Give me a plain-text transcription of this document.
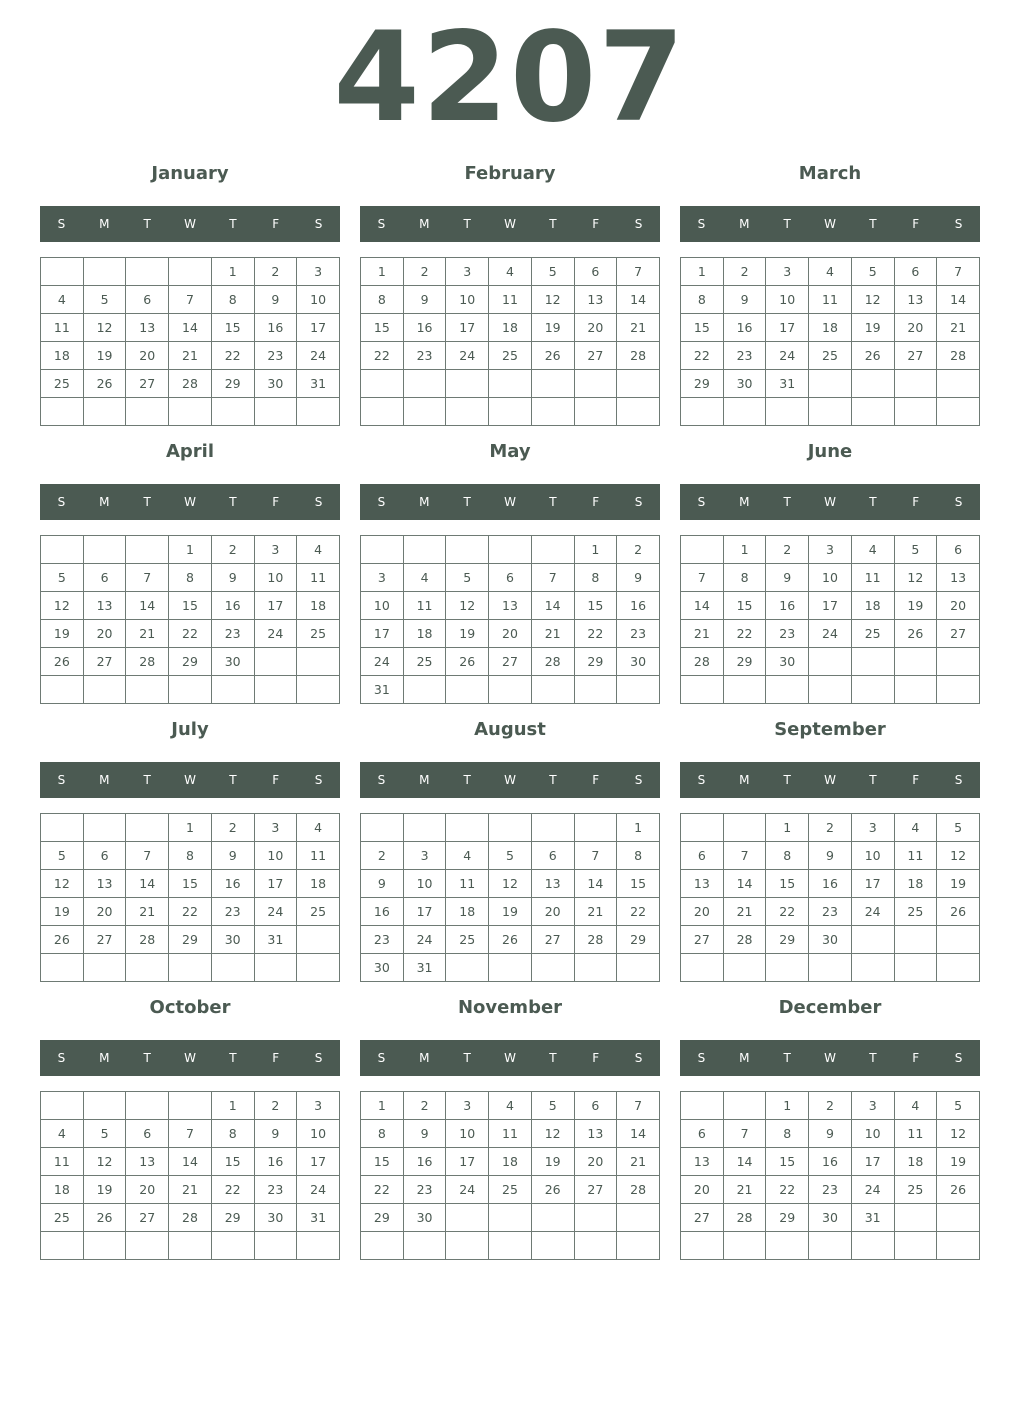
4207
January
S	M	T	W	T	F	S
				1	2	3
4	5	6	7	8	9	10
11	12	13	14	15	16	17
18	19	20	21	22	23	24
25	26	27	28	29	30	31

February
S	M	T	W	T	F	S
1	2	3	4	5	6	7
8	9	10	11	12	13	14
15	16	17	18	19	20	21
22	23	24	25	26	27	28

March
S	M	T	W	T	F	S
1	2	3	4	5	6	7
8	9	10	11	12	13	14
15	16	17	18	19	20	21
22	23	24	25	26	27	28
29	30	31				

April
S	M	T	W	T	F	S
			1	2	3	4
5	6	7	8	9	10	11
12	13	14	15	16	17	18
19	20	21	22	23	24	25
26	27	28	29	30		

May
S	M	T	W	T	F	S
					1	2
3	4	5	6	7	8	9
10	11	12	13	14	15	16
17	18	19	20	21	22	23
24	25	26	27	28	29	30
31						
June
S	M	T	W	T	F	S
	1	2	3	4	5	6
7	8	9	10	11	12	13
14	15	16	17	18	19	20
21	22	23	24	25	26	27
28	29	30				

July
S	M	T	W	T	F	S
			1	2	3	4
5	6	7	8	9	10	11
12	13	14	15	16	17	18
19	20	21	22	23	24	25
26	27	28	29	30	31	

August
S	M	T	W	T	F	S
						1
2	3	4	5	6	7	8
9	10	11	12	13	14	15
16	17	18	19	20	21	22
23	24	25	26	27	28	29
30	31					
September
S	M	T	W	T	F	S
		1	2	3	4	5
6	7	8	9	10	11	12
13	14	15	16	17	18	19
20	21	22	23	24	25	26
27	28	29	30			

October
S	M	T	W	T	F	S
				1	2	3
4	5	6	7	8	9	10
11	12	13	14	15	16	17
18	19	20	21	22	23	24
25	26	27	28	29	30	31

November
S	M	T	W	T	F	S
1	2	3	4	5	6	7
8	9	10	11	12	13	14
15	16	17	18	19	20	21
22	23	24	25	26	27	28
29	30					

December
S	M	T	W	T	F	S
		1	2	3	4	5
6	7	8	9	10	11	12
13	14	15	16	17	18	19
20	21	22	23	24	25	26
27	28	29	30	31		
